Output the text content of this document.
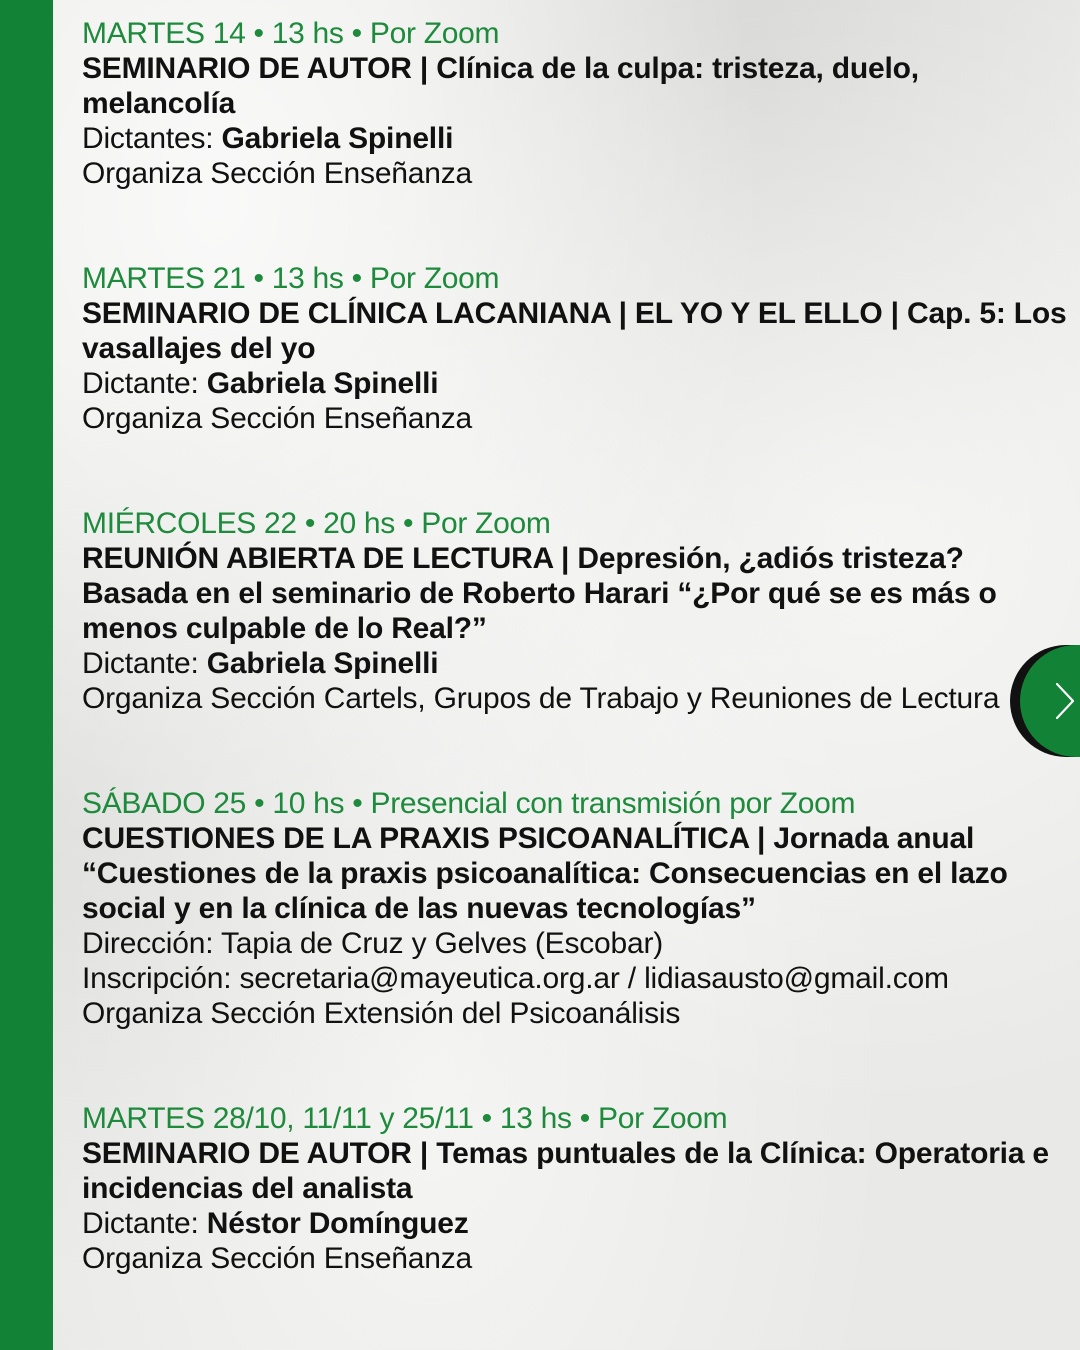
MARTES 14 • 13 hs • Por Zoom
SEMINARIO DE AUTOR | Clínica de la culpa: tristeza, duelo, melancolía
Dictantes: Gabriela Spinelli
Organiza Sección Enseñanza
MARTES 21 • 13 hs • Por Zoom
SEMINARIO DE CLÍNICA LACANIANA | EL YO Y EL ELLO | Cap. 5: Los vasallajes del yo
Dictante: Gabriela Spinelli
Organiza Sección Enseñanza
MIÉRCOLES 22 • 20 hs • Por Zoom
REUNIÓN ABIERTA DE LECTURA | Depresión, ¿adiós tristeza? Basada en el seminario de Roberto Harari “¿Por qué se es más o menos culpable de lo Real?”
Dictante: Gabriela Spinelli
Organiza Sección Cartels, Grupos de Trabajo y Reuniones de Lectura
SÁBADO 25 • 10 hs • Presencial con transmisión por Zoom
CUESTIONES DE LA PRAXIS PSICOANALÍTICA | Jornada anual “Cuestiones de la praxis psicoanalítica: Consecuencias en el lazo social y en la clínica de las nuevas tecnologías”
Dirección: Tapia de Cruz y Gelves (Escobar)
Inscripción: secretaria@mayeutica.org.ar / lidiasausto@gmail.com
Organiza Sección Extensión del Psicoanálisis
MARTES 28/10, 11/11 y 25/11 • 13 hs • Por Zoom
SEMINARIO DE AUTOR | Temas puntuales de la Clínica: Operatoria e incidencias del analista
Dictante: Néstor Domínguez
Organiza Sección Enseñanza
